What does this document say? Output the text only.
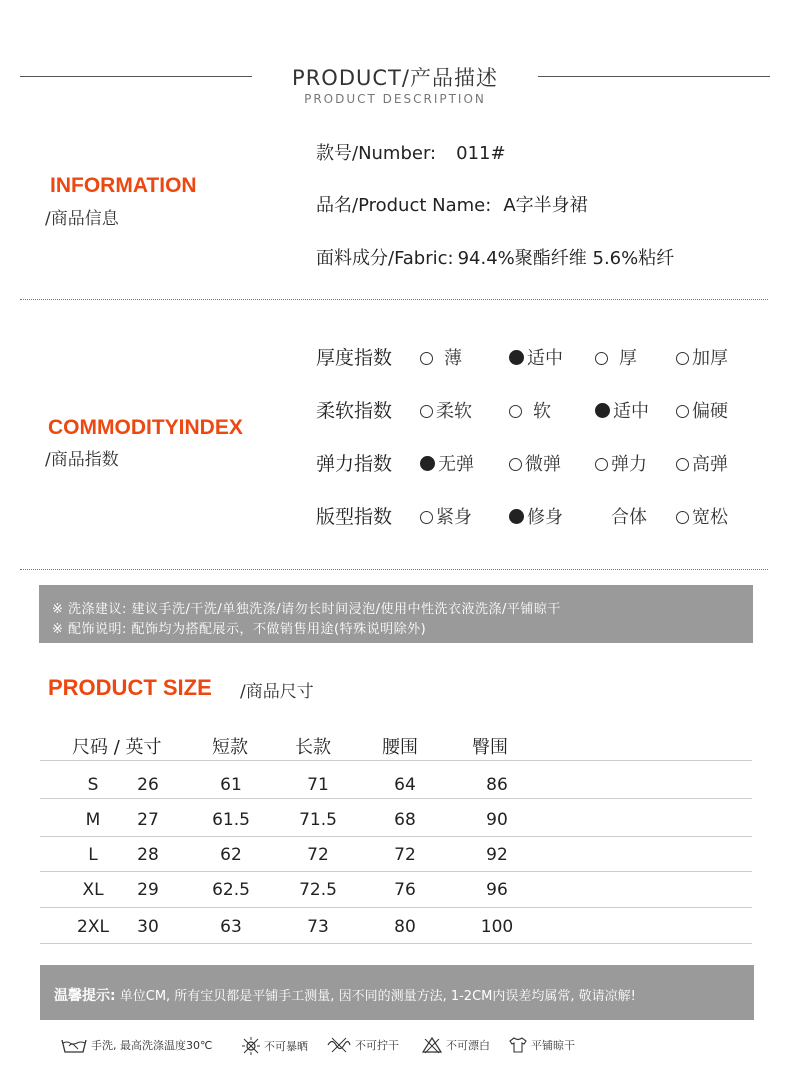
PRODUCT/产品描述
PRODUCT DESCRIPTION
INFORMATION
/商品信息
款号/Number: 011#
品名/Product Name: A字半身裙
面料成分/Fabric: 94.4%聚酯纤维 5.6%粘纤
COMMODITYINDEX
/商品指数
厚度指数	薄	适中	厚	加厚
柔软指数	柔软	软	适中	偏硬
弹力指数	无弹	微弹	弹力	高弹
版型指数	紧身	修身	合体	宽松
※ 洗涤建议: 建议手洗/干洗/单独洗涤/请勿长时间浸泡/使用中性洗衣液洗涤/平铺晾干
※ 配饰说明: 配饰均为搭配展示，不做销售用途(特殊说明除外)
PRODUCT SIZE /商品尺寸
尺码 / 英寸	短款	长款	腰围	臀围
S	26	61	71	64	86
M	27	61.5	71.5	68	90
L	28	62	72	72	92
XL	29	62.5	72.5	76	96
2XL	30	63	73	80	100
温馨提示: 单位CM, 所有宝贝都是平铺手工测量, 因不同的测量方法, 1-2CM内误差均属常, 敬请凉解!
手洗, 最高洗涤温度30℃	不可暴晒	不可拧干	不可漂白	平铺晾干
